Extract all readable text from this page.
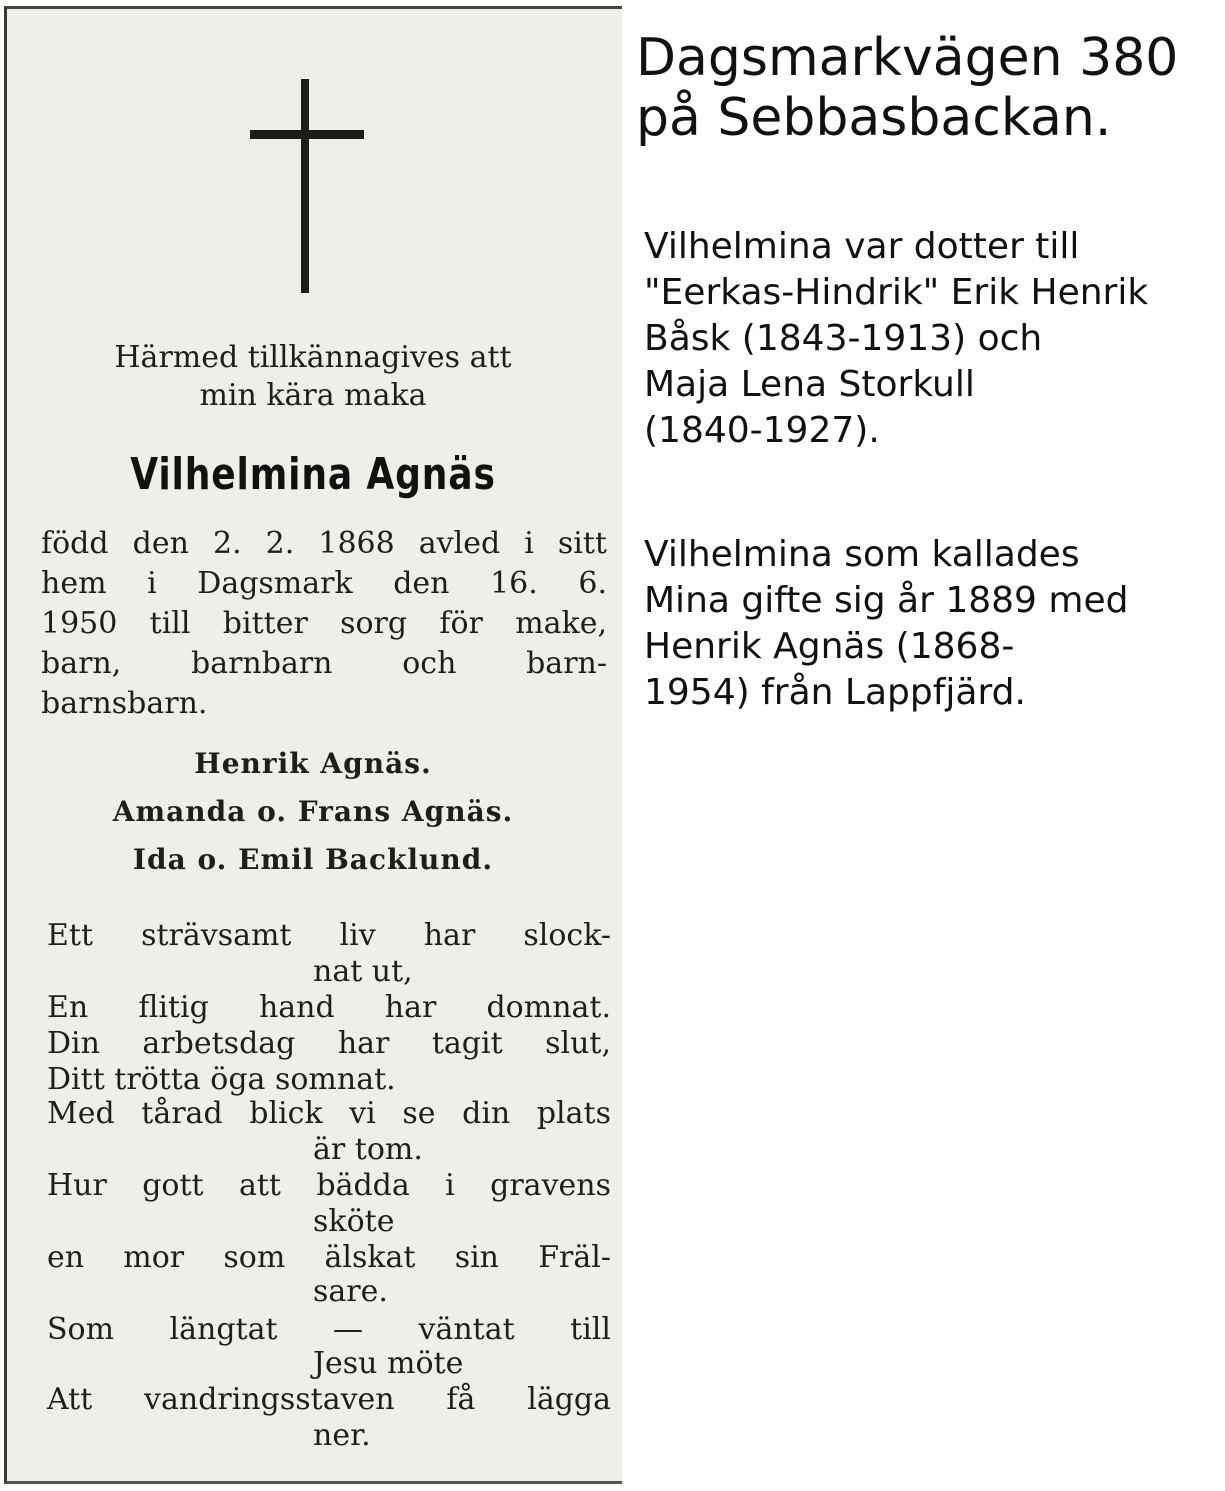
Härmed tillkännagives att
min kära maka
Vilhelmina Agnäs
född den 2. 2. 1868 avled i sitt
hem i Dagsmark den 16. 6.
1950 till bitter sorg för make,
barn, barnbarn och barn-
barnsbarn.
Henrik Agnäs.
Amanda o. Frans Agnäs.
Ida o. Emil Backlund.
Ett strävsamt liv har slock-
nat ut,
En flitig hand har domnat.
Din arbetsdag har tagit slut,
Ditt trötta öga somnat.
Med tårad blick vi se din plats
är tom.
Hur gott att bädda i gravens
sköte
en mor som älskat sin Fräl-
sare.
Som längtat — väntat till
Jesu möte
Att vandringsstaven få lägga
ner.
Dagsmarkvägen 380
på Sebbasbackan.
Vilhelmina var dotter till
"Eerkas-Hindrik" Erik Henrik
Båsk (1843-1913) och
Maja Lena Storkull
(1840-1927).
Vilhelmina som kallades
Mina gifte sig år 1889 med
Henrik Agnäs (1868-
1954) från Lappfjärd.
